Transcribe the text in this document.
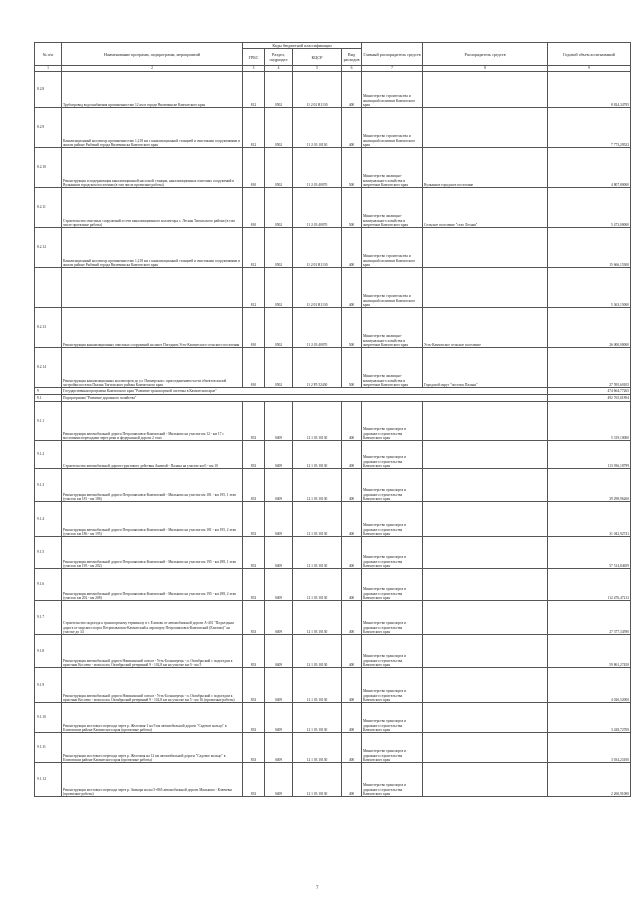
№ п/п	Наименование программ, подпрограмм, мероприятий	Коды бюджетной классификации				Главный распорядитель средств	Распорядитель средств	Годовой объем ассигнований
		ГРБС	Раздел, подраздел	КЦСР	Вид расходов			
1	2	3	4	5	6	7	8	9
8.2.8	Трубопровод водоснабжения протяженностью 12 км в городе Вилючинске Камчатского края	812	0502	11 2 02 R1130	400	Министерство строительства и жилищной политики Камчатского края		8 824,34795
8.2.9	Канализационный коллектор протяженностью 1,218 км с канализационной станцией и очистными сооружениями в жилом районе Рыбачий города Вилючинска Камчатского края	812	0502	11 2 03 10130	400	Министерство строительства и жилищной политики Камчатского края		7 773,29523
8.2.10	Реконструкция и модернизация канализационной насосной станции, канализационных очистных сооружений в Вулканном городском поселении (в том числе проектные работы)	810	0502	11 2 03 40070	500	Министерство жилищно-коммунального хозяйства и энергетики Камчатского края	Вулканное городское поселение	4 807,80000
8.2.11	Строительство очистных сооружений и сети канализационного коллектора с. Лесная Тигильского района (в том числе проектные работы)	810	0502	11 2 03 40070	500	Министерство жилищно-коммунального хозяйства и энергетики Камчатского края	Сельское поселение "село Лесная"	5 473,00000
8.2.12	Канализационный коллектор протяженностью 1,218 км с канализационной станцией и очистными сооружениями в жилом районе Рыбачий города Вилючинска Камчатского края	812	0502	11 2 03 R1130	400	Министерство строительства и жилищной политики Камчатского края		15 666,15300
		812	0502	11 2 03 R1130	400	Министерство строительства и жилищной политики Камчатского края		5 363,15000
8.2.13	Реконструкция канализационных очистных сооружений на мысе Погодном Усть-Камчатского сельского поселения	810	0502	11 2 03 40070	500	Министерство жилищно-коммунального хозяйства и энергетики Камчатского края	Усть-Камчатское сельское поселение	26 000,00000
8.2.14	Реконструкция канализационных коллекторов до ул. Пионерская с присоединением части объектов жилой застройки поселка Палана Тигильского района Камчатского края	810	0502	11 2 P5 52430	500	Министерство жилищно-коммунального хозяйства и энергетики Камчатского края	Городской округ "поселок Палана"	27 595,60105
9	Государственная программа Камчатского края "Развитие транспортной системы в Камчатском крае"							474 664,77265
9.1	Подпрограмма "Развитие дорожного хозяйства"							492 765,01894
9.1.1	Реконструкция автомобильной дороги Петропавловск-Камчатский - Мильково на участке км 12 - км 17 с мостовыми переходами через реки и федеральной дороги 2 этап	833	0409	12 1 03 10130	400	Министерство транспорта и дорожного строительства Камчатского края		5 319,10000
9.1.2	Строительство автомобильной дороги грунтового действия Анавгай - Палана на участке км 0 - км 10	833	0409	12 1 03 10130	400	Министерство транспорта и дорожного строительства Камчатского края		113 936,18799
9.1.3	Реконструкция автомобильной дороги Петропавловск-Камчатский - Мильково на участке км 181 - км 195, 1 этап (участок км 181 - км 186)	833	0409	12 1 03 10130	400	Министерство транспорта и дорожного строительства Камчатского края		39 298,96260
9.1.4	Реконструкция автомобильной дороги Петропавловск-Камчатский - Мильково на участке км 181 - км 195, 2 этап (участок км 186 - км 195)	833	0409	12 1 03 10130	400	Министерство транспорта и дорожного строительства Камчатского края		31 042,92741
9.1.5	Реконструкция автомобильной дороги Петропавловск-Камчатский - Мильково на участке км 195 - км 298, 1 этап (участок км 195 - км 202)	833	0409	12 1 03 10130	400	Министерство транспорта и дорожного строительства Камчатского края		57 514,84659
9.1.6	Реконструкция автомобильной дороги Петропавловск-Камчатский - Мильково на участке км 195 - км 298, 2 этап (участок км 202 - км 208)	833	0409	12 1 03 10130	400	Министерство транспорта и дорожного строительства Камчатского края		112 476,47212
9.1.7	Строительство подъезда к транспортному терминалу в г. Елизово от автомобильной дороги А-401 "Подъездная дорога от морского порта Петропавловск-Камчатский к аэропорту Петропавловск-Камчатский (Елизово)" на участке до 34	833	0409	12 1 03 10130	400	Министерство транспорта и дорожного строительства Камчатского края		27 377,34590
9.1.8	Реконструкция автомобильной дороги Начикинский совхоз - Усть-Большерецк - п. Октябрьский с подъездом к пристани Косоево - мохола км. Октябрьский резервный 9 - 102,8 км на участке км 0 - км 5	833	0409	12 1 03 10130	400	Министерство транспорта и дорожного строительства Камчатского края		59 861,27450
9.1.9	Реконструкция автомобильной дороги Начикинский совхоз - Усть-Большерецк - п. Октябрьский с подъездом к пристани Косоево - мохола км. Октябрьский резервный 9 - 102,8 км на участке км 5 - км 16 (проектные работы)	833	0409	12 1 03 10130	400	Министерство транспорта и дорожного строительства Камчатского края		4 026,52000
9.1.10	Реконструкция мостового перехода через р. Желтовая-1 на 9 км автомобильной дороги "Садовое кольцо" в Елизовском районе Камчатского края (проектные работы)	833	0409	12 1 03 10130	400	Министерство транспорта и дорожного строительства Камчатского края		3 428,72700
9.1.11	Реконструкция мостового перехода через р. Желтовая на 12 км автомобильной дороги "Садовое кольцо" в Елизовском районе Камчатского края (проектные работы)	833	0409	12 1 03 10130	400	Министерство транспорта и дорожного строительства Камчатского края		3 034,23100
9.1.12	Реконструкция мостового перехода через р. Авачара на км 5+865 автомобильной дороги Мильково - Ключевы (проектные работы)	833	0409	12 1 03 10130	400	Министерство транспорта и дорожного строительства Камчатского края		2 260,91000
7
